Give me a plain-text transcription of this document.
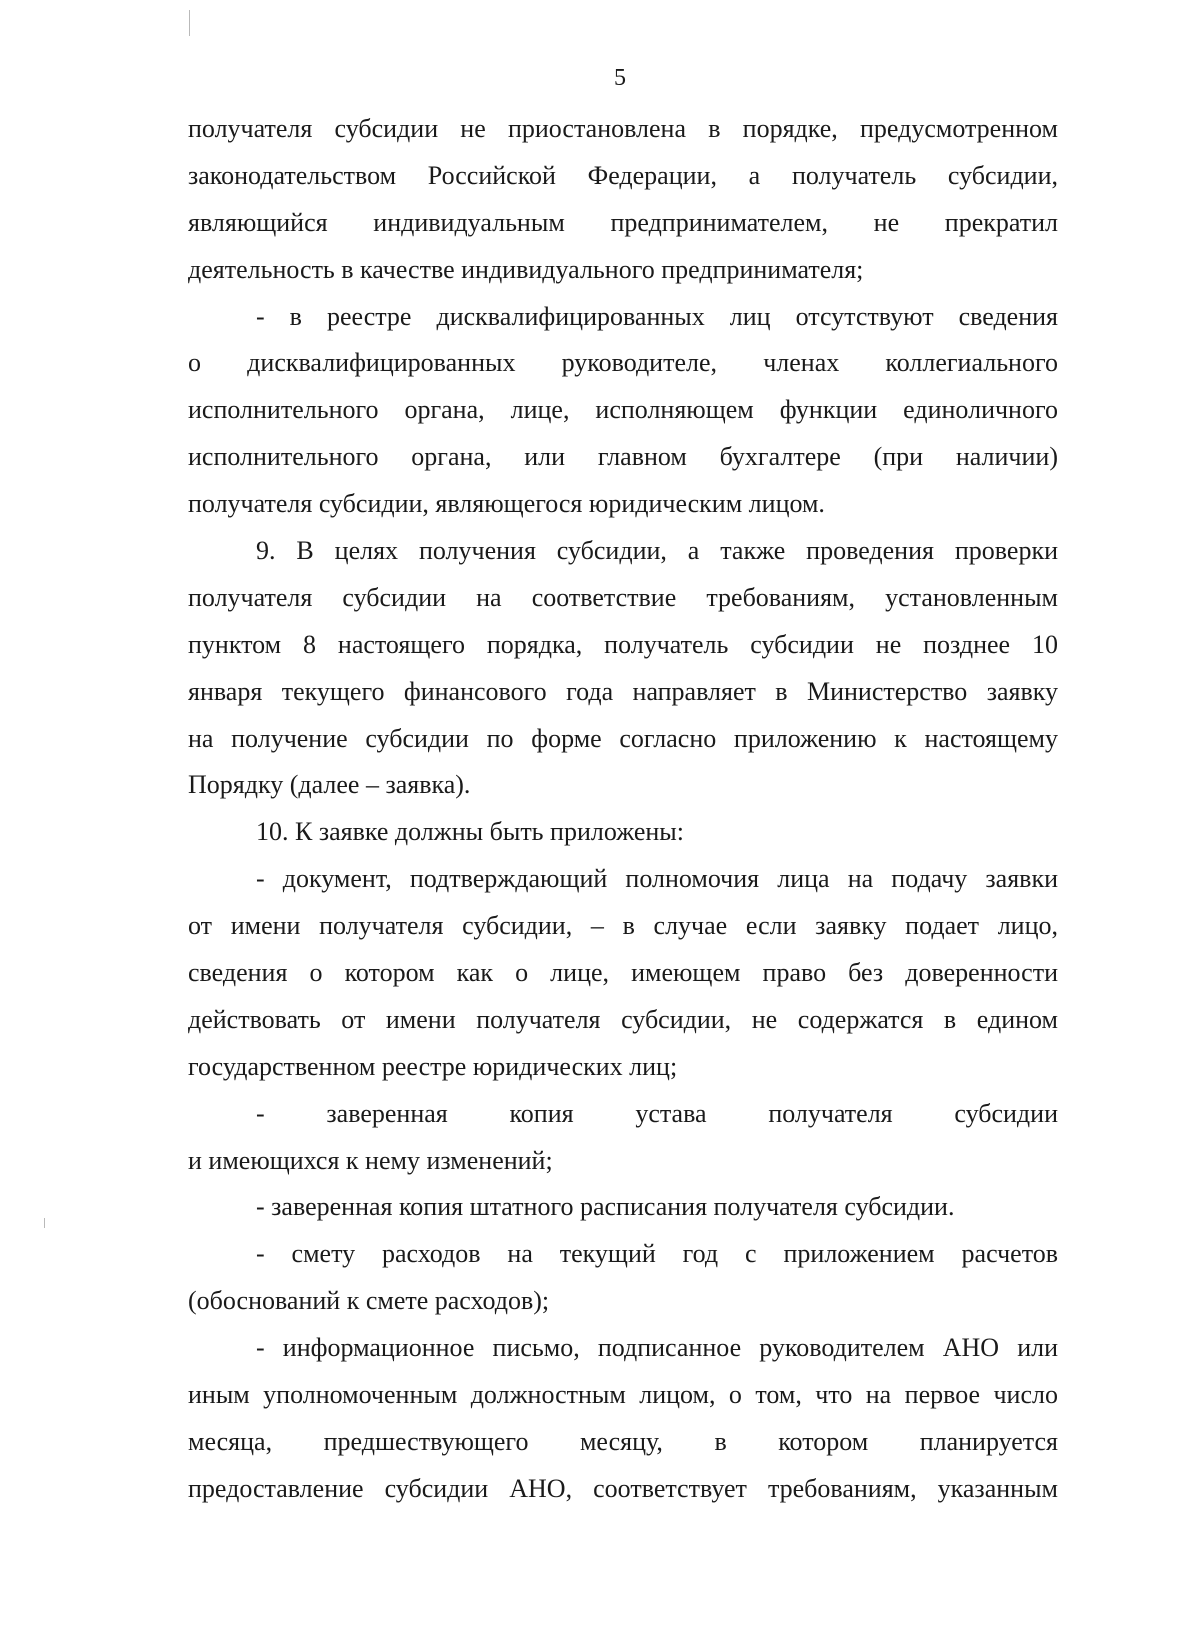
5
получателя субсидии не приостановлена в порядке, предусмотренном
законодательством Российской Федерации, а получатель субсидии,
являющийся индивидуальным предпринимателем, не прекратил
деятельность в качестве индивидуального предпринимателя;
- в реестре дисквалифицированных лиц отсутствуют сведения
о дисквалифицированных руководителе, членах коллегиального
исполнительного органа, лице, исполняющем функции единоличного
исполнительного органа, или главном бухгалтере (при наличии)
получателя субсидии, являющегося юридическим лицом.
9. В целях получения субсидии, а также проведения проверки
получателя субсидии на соответствие требованиям, установленным
пунктом 8 настоящего порядка, получатель субсидии не позднее 10
января текущего финансового года направляет в Министерство заявку
на получение субсидии по форме согласно приложению к настоящему
Порядку (далее – заявка).
10. К заявке должны быть приложены:
- документ, подтверждающий полномочия лица на подачу заявки
от имени получателя субсидии, – в случае если заявку подает лицо,
сведения о котором как о лице, имеющем право без доверенности
действовать от имени получателя субсидии, не содержатся в едином
государственном реестре юридических лиц;
- заверенная копия устава получателя субсидии
и имеющихся к нему изменений;
- заверенная копия штатного расписания получателя субсидии.
- смету расходов на текущий год с приложением расчетов
(обоснований к смете расходов);
- информационное письмо, подписанное руководителем АНО или
иным уполномоченным должностным лицом, о том, что на первое число
месяца, предшествующего месяцу, в котором планируется
предоставление субсидии АНО, соответствует требованиям, указанным
